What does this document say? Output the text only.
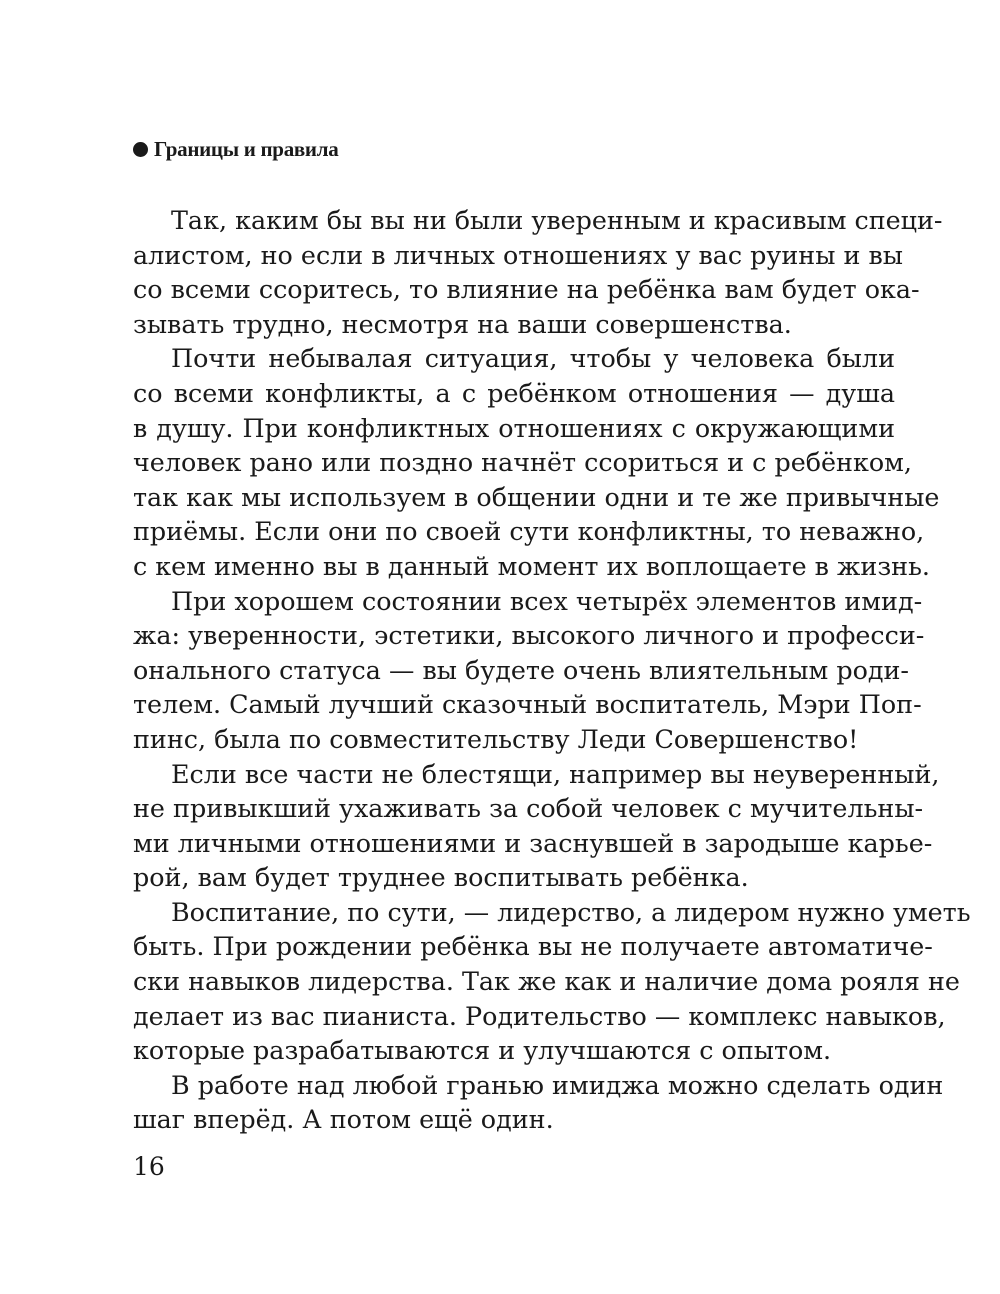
Границы и правила

Так, каким бы вы ни были уверенным и красивым специ-
алистом, но если в личных отношениях у вас руины и вы
со всеми ссоритесь, то влияние на ребёнка вам будет ока-
зывать трудно, несмотря на ваши совершенства.

Почти небывалая ситуация, чтобы у человека были
со всеми конфликты, а с ребёнком отношения — душа
в душу. При конфликтных отношениях с окружающими
человек рано или поздно начнёт ссориться и с ребёнком,
так как мы используем в общении одни и те же привычные
приёмы. Если они по своей сути конфликтны, то неважно,
с кем именно вы в данный момент их воплощаете в жизнь.

При хорошем состоянии всех четырёх элементов имид-
жа: уверенности, эстетики, высокого личного и професси-
онального статуса — вы будете очень влиятельным роди-
телем. Самый лучший сказочный воспитатель, Мэри Поп-
пинс, была по совместительству Леди Совершенство!

Если все части не блестящи, например вы неуверенный,
не привыкший ухаживать за собой человек с мучительны-
ми личными отношениями и заснувшей в зародыше карье-
рой, вам будет труднее воспитывать ребёнка.

Воспитание, по сути, — лидерство, а лидером нужно уметь
быть. При рождении ребёнка вы не получаете автоматиче-
ски навыков лидерства. Так же как и наличие дома рояля не
делает из вас пианиста. Родительство — комплекс навыков,
которые разрабатываются и улучшаются с опытом.

В работе над любой гранью имиджа можно сделать один
шаг вперёд. А потом ещё один.

16
